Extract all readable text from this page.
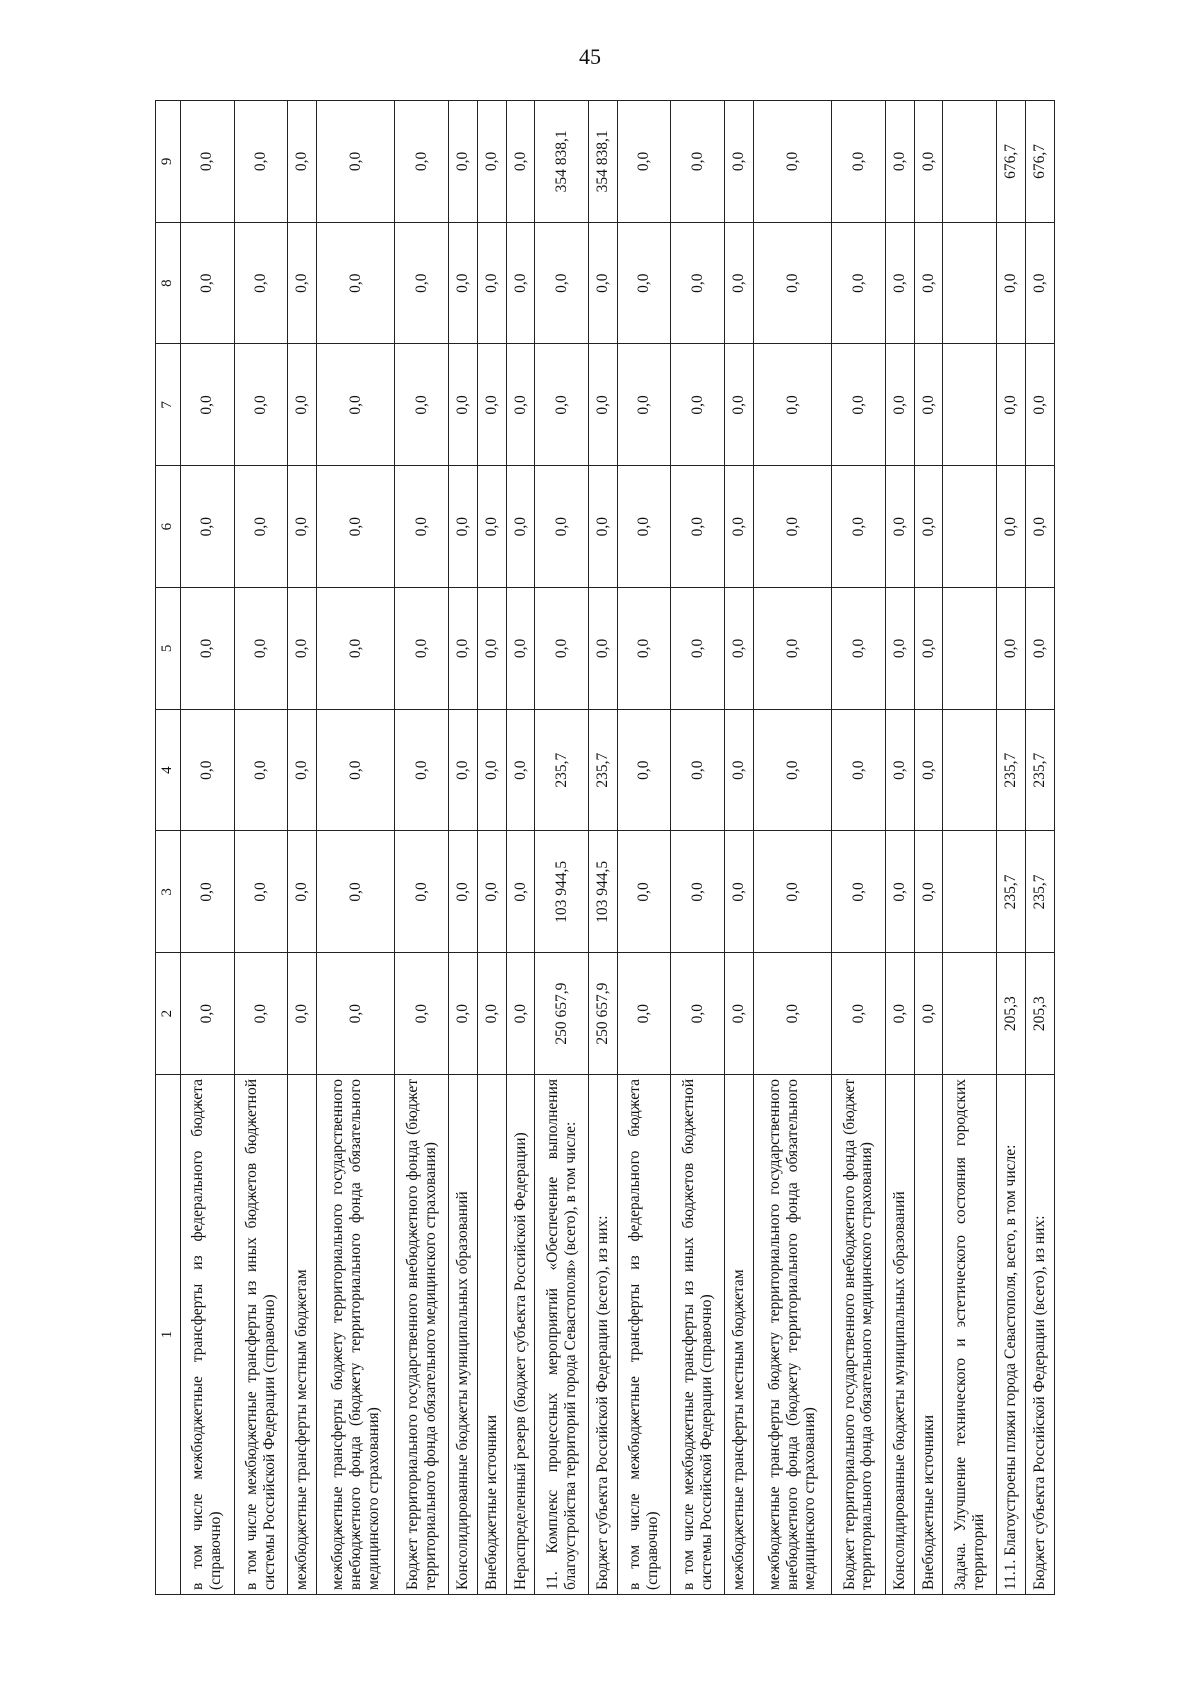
45
1	2	3	4	5	6	7	8	9
в том числе межбюджетные трансферты из федерального бюджета (справочно)	0,0	0,0	0,0	0,0	0,0	0,0	0,0	0,0
в том числе межбюджетные трансферты из иных бюджетов бюджетной системы Российской Федерации (справочно)	0,0	0,0	0,0	0,0	0,0	0,0	0,0	0,0
межбюджетные трансферты местным бюджетам	0,0	0,0	0,0	0,0	0,0	0,0	0,0	0,0
межбюджетные трансферты бюджету территориального государственного внебюджетного фонда (бюджету территориального фонда обязательного медицинского страхования)	0,0	0,0	0,0	0,0	0,0	0,0	0,0	0,0
Бюджет территориального государственного внебюджетного фонда (бюджет территориального фонда обязательного медицинского страхования)	0,0	0,0	0,0	0,0	0,0	0,0	0,0	0,0
Консолидированные бюджеты муниципальных образований	0,0	0,0	0,0	0,0	0,0	0,0	0,0	0,0
Внебюджетные источники	0,0	0,0	0,0	0,0	0,0	0,0	0,0	0,0
Нераспределенный резерв (бюджет субъекта Российской Федерации)	0,0	0,0	0,0	0,0	0,0	0,0	0,0	0,0
11. Комплекс процессных мероприятий «Обеспечение выполнения благоустройства территорий города Севастополя» (всего), в том числе:	250 657,9	103 944,5	235,7	0,0	0,0	0,0	0,0	354 838,1
Бюджет субъекта Российской Федерации (всего), из них:	250 657,9	103 944,5	235,7	0,0	0,0	0,0	0,0	354 838,1
в том числе межбюджетные трансферты из федерального бюджета (справочно)	0,0	0,0	0,0	0,0	0,0	0,0	0,0	0,0
в том числе межбюджетные трансферты из иных бюджетов бюджетной системы Российской Федерации (справочно)	0,0	0,0	0,0	0,0	0,0	0,0	0,0	0,0
межбюджетные трансферты местным бюджетам	0,0	0,0	0,0	0,0	0,0	0,0	0,0	0,0
межбюджетные трансферты бюджету территориального государственного внебюджетного фонда (бюджету территориального фонда обязательного медицинского страхования)	0,0	0,0	0,0	0,0	0,0	0,0	0,0	0,0
Бюджет территориального государственного внебюджетного фонда (бюджет территориального фонда обязательного медицинского страхования)	0,0	0,0	0,0	0,0	0,0	0,0	0,0	0,0
Консолидированные бюджеты муниципальных образований	0,0	0,0	0,0	0,0	0,0	0,0	0,0	0,0
Внебюджетные источники	0,0	0,0	0,0	0,0	0,0	0,0	0,0	0,0
Задача. Улучшение технического и эстетического состояния городских территорий								
11.1. Благоустроены пляжи города Севастополя, всего, в том числе:	205,3	235,7	235,7	0,0	0,0	0,0	0,0	676,7
Бюджет субъекта Российской Федерации (всего), из них:	205,3	235,7	235,7	0,0	0,0	0,0	0,0	676,7
